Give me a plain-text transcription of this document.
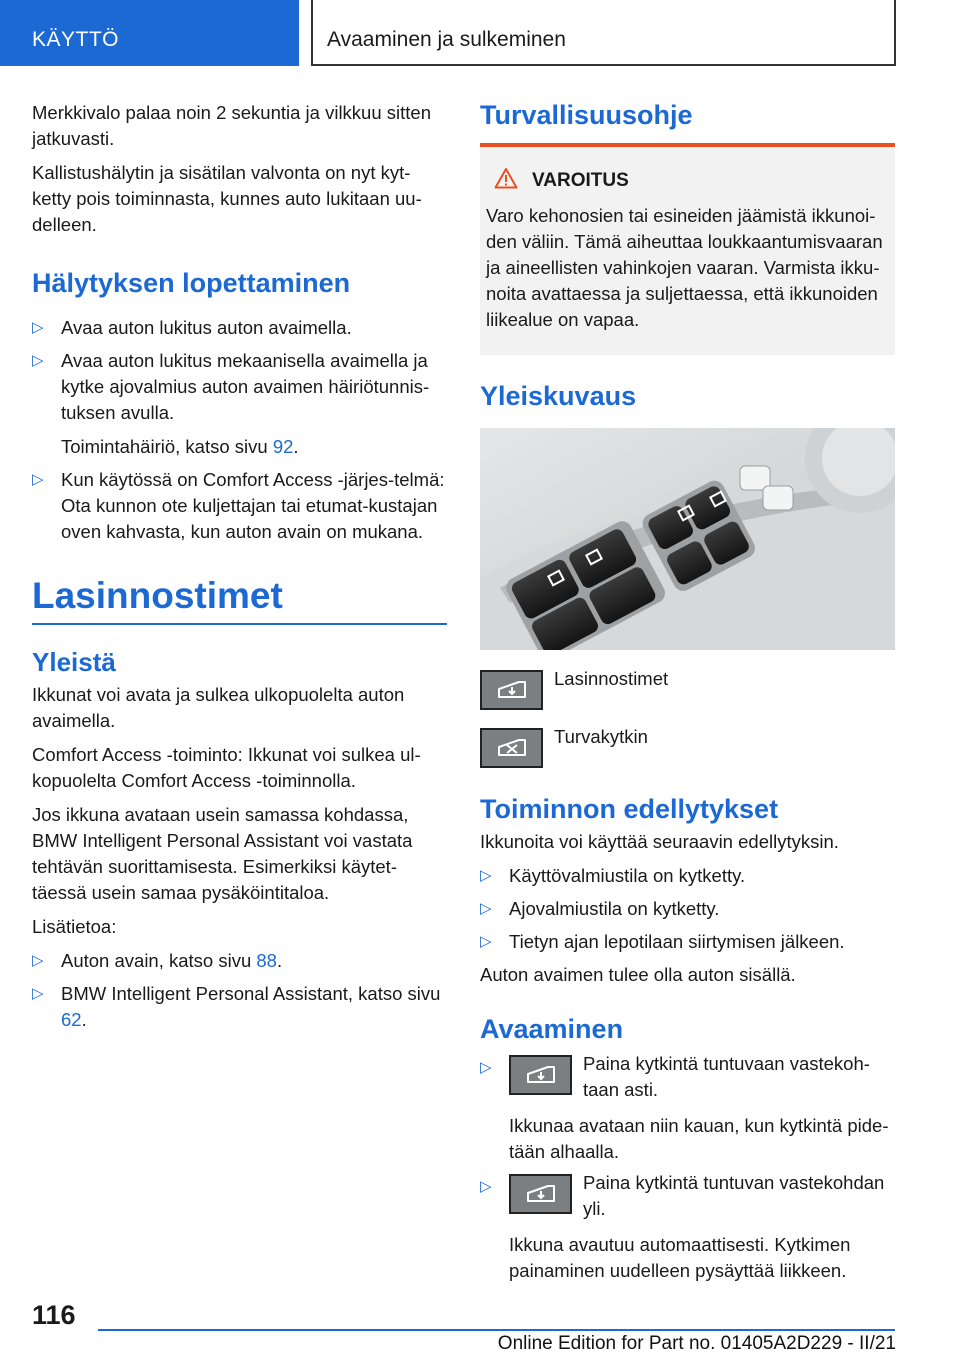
KÄYTTÖ	Avaaminen ja sulkeminen

Merkkivalo palaa noin 2 sekuntia ja vilkkuu sitten jatkuvasti.

Kallistushälytin ja sisätilan valvonta on nyt kyt-ketty pois toiminnasta, kunnes auto lukitaan uu-delleen.

Hälytyksen lopettaminen
▷ Avaa auton lukitus auton avaimella.
▷ Avaa auton lukitus mekaanisella avaimella ja kytke ajovalmius auton avaimen häiriötunnis-tuksen avulla.
Toimintahäiriö, katso sivu 92.
▷ Kun käytössä on Comfort Access -järjes-telmä: Ota kunnon ote kuljettajan tai etumat-kustajan oven kahvasta, kun auton avain on mukana.
Lasinnostimet
Yleistä

Ikkunat voi avata ja sulkea ulkopuolelta auton avaimella.

Comfort Access -toiminto: Ikkunat voi sulkea ul-kopuolelta Comfort Access -toiminnolla.

Jos ikkuna avataan usein samassa kohdassa, BMW Intelligent Personal Assistant voi vastata tehtävän suorittamisesta. Esimerkiksi käytet-täessä usein samaa pysäköintitaloa.

Lisätietoa:

▷ Auton avain, katso sivu 88.
▷ BMW Intelligent Personal Assistant, katso sivu 62.
Turvallisuusohje
VAROITUS

Varo kehonosien tai esineiden jäämistä ikkunoi-den väliin. Tämä aiheuttaa loukkaantumisvaaran ja aineellisten vahinkojen vaaran. Varmista ikku-noita avattaessa ja suljettaessa, että ikkunoiden liikealue on vapaa.

Yleiskuvaus
Lasinnostimet
Turvakytkin
Toiminnon edellytykset

Ikkunoita voi käyttää seuraavin edellytyksin.

▷ Käyttövalmiustila on kytketty.
▷ Ajovalmiustila on kytketty.
▷ Tietyn ajan lepotilaan siirtymisen jälkeen.

Auton avaimen tulee olla auton sisällä.

Avaaminen
▷	Paina kytkintä tuntuvaan vastekoh-taan asti.
Ikkunaa avataan niin kauan, kun kytkintä pide-tään alhaalla.
▷	Paina kytkintä tuntuvan vastekohdan yli.
Ikkuna avautuu automaattisesti. Kytkimen painaminen uudelleen pysäyttää liikkeen.
116
Online Edition for Part no. 01405A2D229 - II/21
